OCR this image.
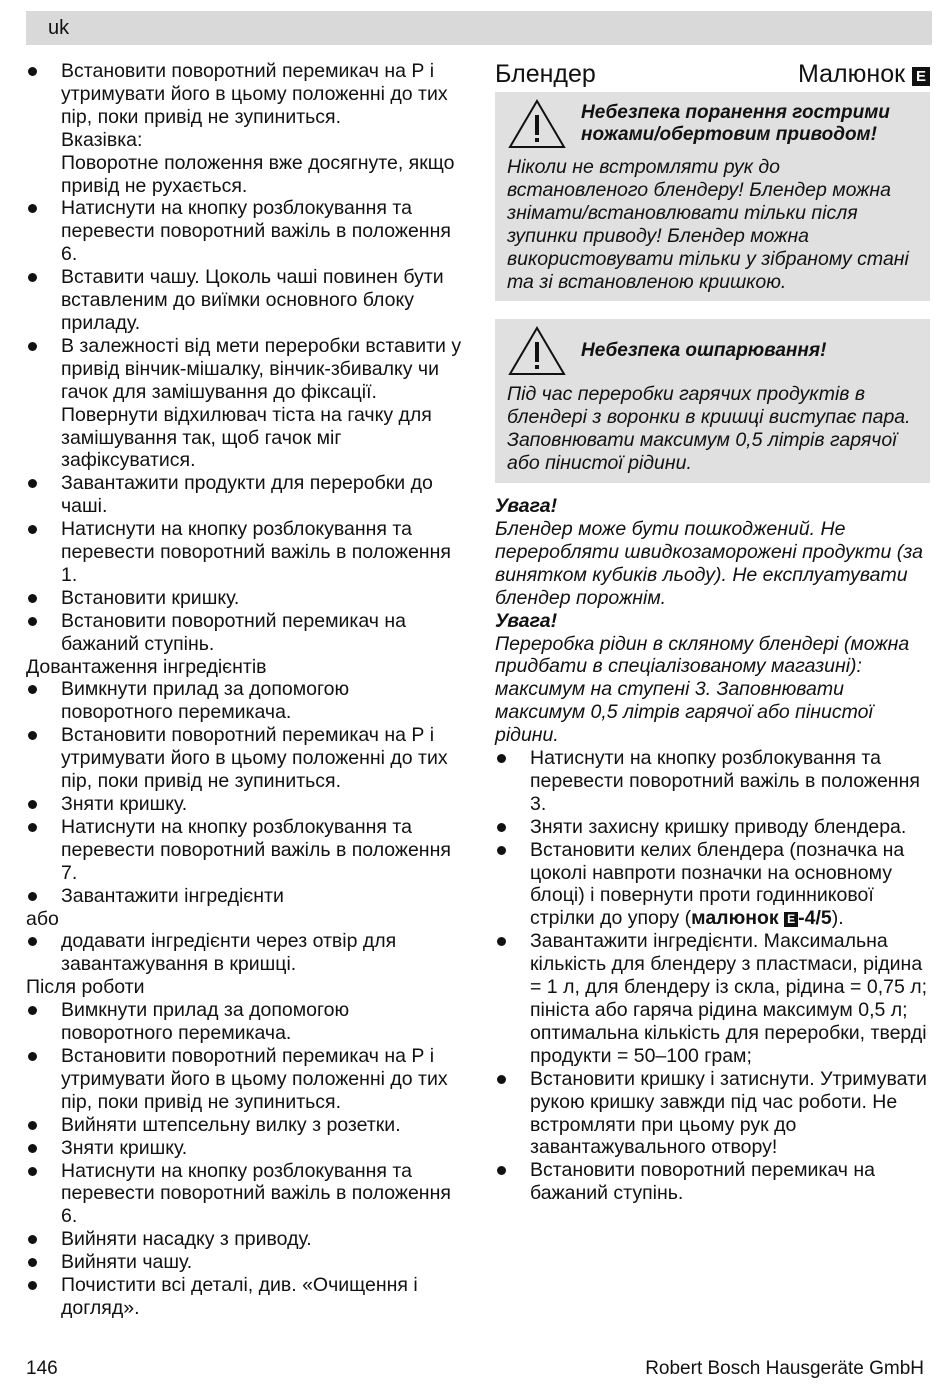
uk
Встановити поворотний перемикач на Р і утримувати його в цьому положенні до тих пір, поки привід не зупиниться.
Вказівка:
Поворотне положення вже досягнуте, якщо привід не рухається.
Натиснути на кнопку розблокування та перевести поворотний важіль в положення 6.
Вставити чашу. Цоколь чаші повинен бути вставленим до виїмки основного блоку приладу.
В залежності від мети переробки вставити у привід вінчик-мішалку, вінчик-збивалку чи гачок для замішування до фіксації. Повернути відхилювач тіста на гачку для замішування так, щоб гачок міг зафіксуватися.
Завантажити продукти для переробки до чаші.
Натиснути на кнопку розблокування та перевести поворотний важіль в положення 1.
Встановити кришку.
Встановити поворотний перемикач на бажаний ступінь.
Довантаження інгредієнтів
Вимкнути прилад за допомогою поворотного перемикача.
Встановити поворотний перемикач на Р і утримувати його в цьому положенні до тих пір, поки привід не зупиниться.
Зняти кришку.
Натиснути на кнопку розблокування та перевести поворотний важіль в положення 7.
Завантажити інгредієнти
або
додавати інгредієнти через отвір для завантажування в кришці.
Після роботи
Вимкнути прилад за допомогою поворотного перемикача.
Встановити поворотний перемикач на Р і утримувати його в цьому положенні до тих пір, поки привід не зупиниться.
Вийняти штепсельну вилку з розетки.
Зняти кришку.
Натиснути на кнопку розблокування та перевести поворотний важіль в положення 6.
Вийняти насадку з приводу.
Вийняти чашу.
Почистити всі деталі, див. «Очищення і догляд».
Блендер	Малюнок E
Небезпека поранення гострими ножами/обертовим приводом!
Ніколи не встромляти рук до встановленого блендеру! Блендер можна знімати/встановлювати тільки після зупинки приводу! Блендер можна використовувати тільки у зібраному стані та зі встановленою кришкою.
Небезпека ошпарювання!
Під час переробки гарячих продуктів в блендері з воронки в кришці виступає пара. Заповнювати максимум 0,5 літрів гарячої або пінистої рідини.
Увага!
Блендер може бути пошкоджений. Не переробляти швидкозаморожені продукти (за винятком кубиків льоду). Не експлуатувати блендер порожнім.
Увага!
Переробка рідин в скляному блендері (можна придбати в спеціалізованому магазині): максимум на ступені 3. Заповнювати максимум 0,5 літрів гарячої або пінистої рідини.
Натиснути на кнопку розблокування та перевести поворотний важіль в положення 3.
Зняти захисну кришку приводу блендера.
Встановити келих блендера (позначка на цоколі навпроти позначки на основному блоці) і повернути проти годинникової стрілки до упору (малюнок E -4/5).
Завантажити інгредієнти. Максимальна кількість для блендеру з пластмаси, рідина = 1 л, для блендеру із скла, рідина = 0,75 л; пініста або гаряча рідина максимум 0,5 л; оптимальна кількість для переробки, тверді продукти = 50–100 грам;
Встановити кришку і затиснути. Утримувати рукою кришку завжди під час роботи. Не встромляти при цьому рук до завантажувального отвору!
Встановити поворотний перемикач на бажаний ступінь.
146	Robert Bosch Hausgeräte GmbH
